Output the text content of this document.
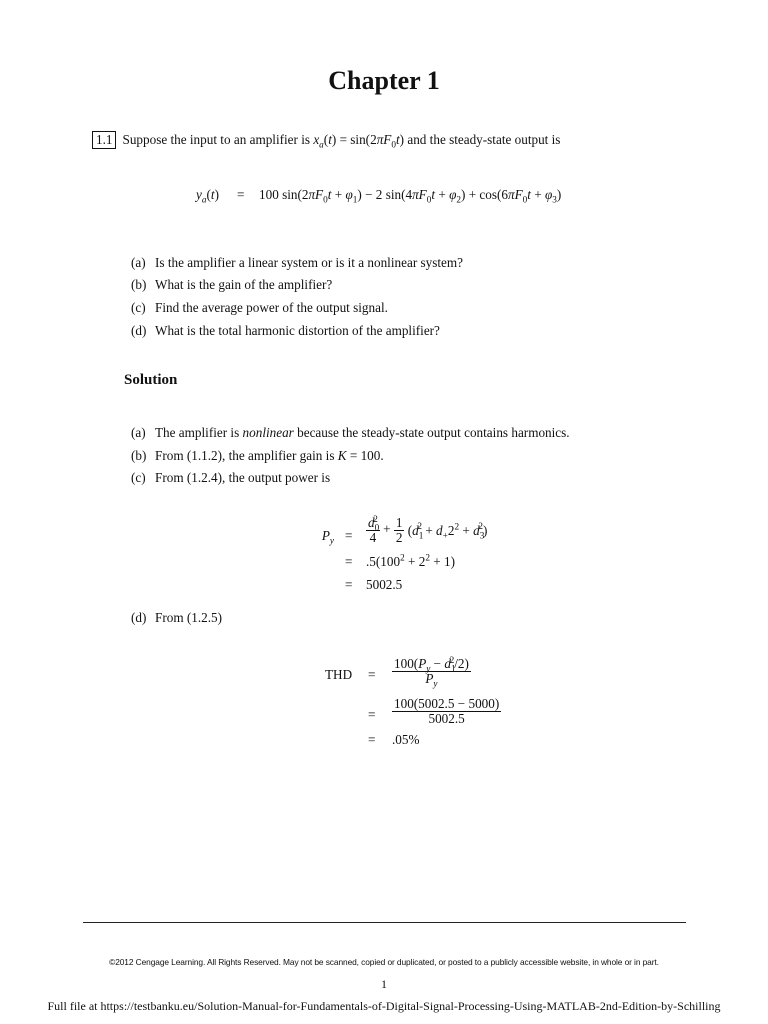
Chapter 1
1.1 Suppose the input to an amplifier is $x_a(t) = \sin(2\pi F_0t)$ and the steady-state output is
$y_a(t) = 100$ $\sin(2\pi F_0t + \varphi_1) - 2$ $\sin(4\pi F_0t + \varphi_2) + \cos(6\pi F_0t + \varphi_3)$
(a) Is the amplifier a linear system or is it a nonlinear system?
(b) What is the gain of the amplifier?
(c) Find the average power of the output signal.
(d) What is the total harmonic distortion of the amplifier?
Solution
(a) The amplifier is nonlinear because the steady-state output contains harmonics.
(b) From (1.1.2), the amplifier gain is K = 100.
(c) From (1.2.4), the output power is
$P_y = \frac{d_0^2}{4} + \frac{1}{2} (d_1^2 + d_+2^2 + d_3^2)$
= $.5(100^2 + 2^2 + 1)$
= 5002.5
(d) From (1.2.5)
THD = $\frac{100(P_y - d_1^2/2)}{P_y}$
= $\frac{100(5002.5 - 5000)}{5002.5}$
= .05%
©2012 Cengage Learning. All Rights Reserved. May not be scanned, copied or duplicated, or posted to a publicly accessible website, in whole or in part.
1
Full file at https://testbanku.eu/Solution-Manual-for-Fundamentals-of-Digital-Signal-Processing-Using-MATLAB-2nd-Edition-by-Schilling
